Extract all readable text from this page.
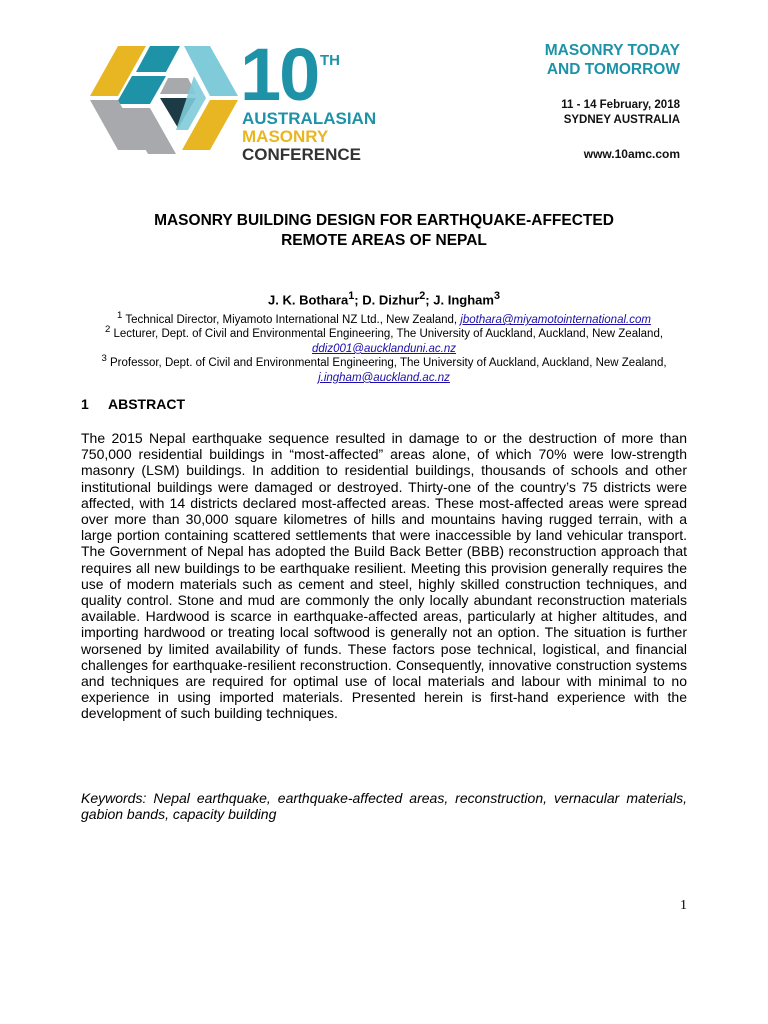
10 TH
AUSTRALASIAN
MASONRY
CONFERENCE
MASONRY TODAY
AND TOMORROW
11 - 14 February, 2018
SYDNEY AUSTRALIA
www.10amc.com
MASONRY BUILDING DESIGN FOR EARTHQUAKE-AFFECTED
REMOTE AREAS OF NEPAL
J. K. Bothara$^1$; D. Dizhur$^2$; J. Ingham$^3$
$^1$ Technical Director, Miyamoto International NZ Ltd., New Zealand, jbothara@miyamotointernational.com
$^2$ Lecturer, Dept. of Civil and Environmental Engineering, The University of Auckland, Auckland, New Zealand, ddiz001@aucklanduni.ac.nz
$^3$ Professor, Dept. of Civil and Environmental Engineering, The University of Auckland, Auckland, New Zealand, j.ingham@auckland.ac.nz
1 ABSTRACT

The 2015 Nepal earthquake sequence resulted in damage to or the destruction of more than 750,000 residential buildings in “most-affected” areas alone, of which 70% were low-strength masonry (LSM) buildings. In addition to residential buildings, thousands of schools and other institutional buildings were damaged or destroyed. Thirty-one of the country’s 75 districts were affected, with 14 districts declared most-affected areas. These most-affected areas were spread over more than 30,000 square kilometres of hills and mountains having rugged terrain, with a large portion containing scattered settlements that were inaccessible by land vehicular transport. The Government of Nepal has adopted the Build Back Better (BBB) reconstruction approach that requires all new buildings to be earthquake resilient. Meeting this provision generally requires the use of modern materials such as cement and steel, highly skilled construction techniques, and quality control. Stone and mud are commonly the only locally abundant reconstruction materials available. Hardwood is scarce in earthquake-affected areas, particularly at higher altitudes, and importing hardwood or treating local softwood is generally not an option. The situation is further worsened by limited availability of funds. These factors pose technical, logistical, and financial challenges for earthquake-resilient reconstruction. Consequently, innovative construction systems and techniques are required for optimal use of local materials and labour with minimal to no experience in using imported materials. Presented herein is first-hand experience with the development of such building techniques.

Keywords: Nepal earthquake, earthquake-affected areas, reconstruction, vernacular materials, gabion bands, capacity building

1
